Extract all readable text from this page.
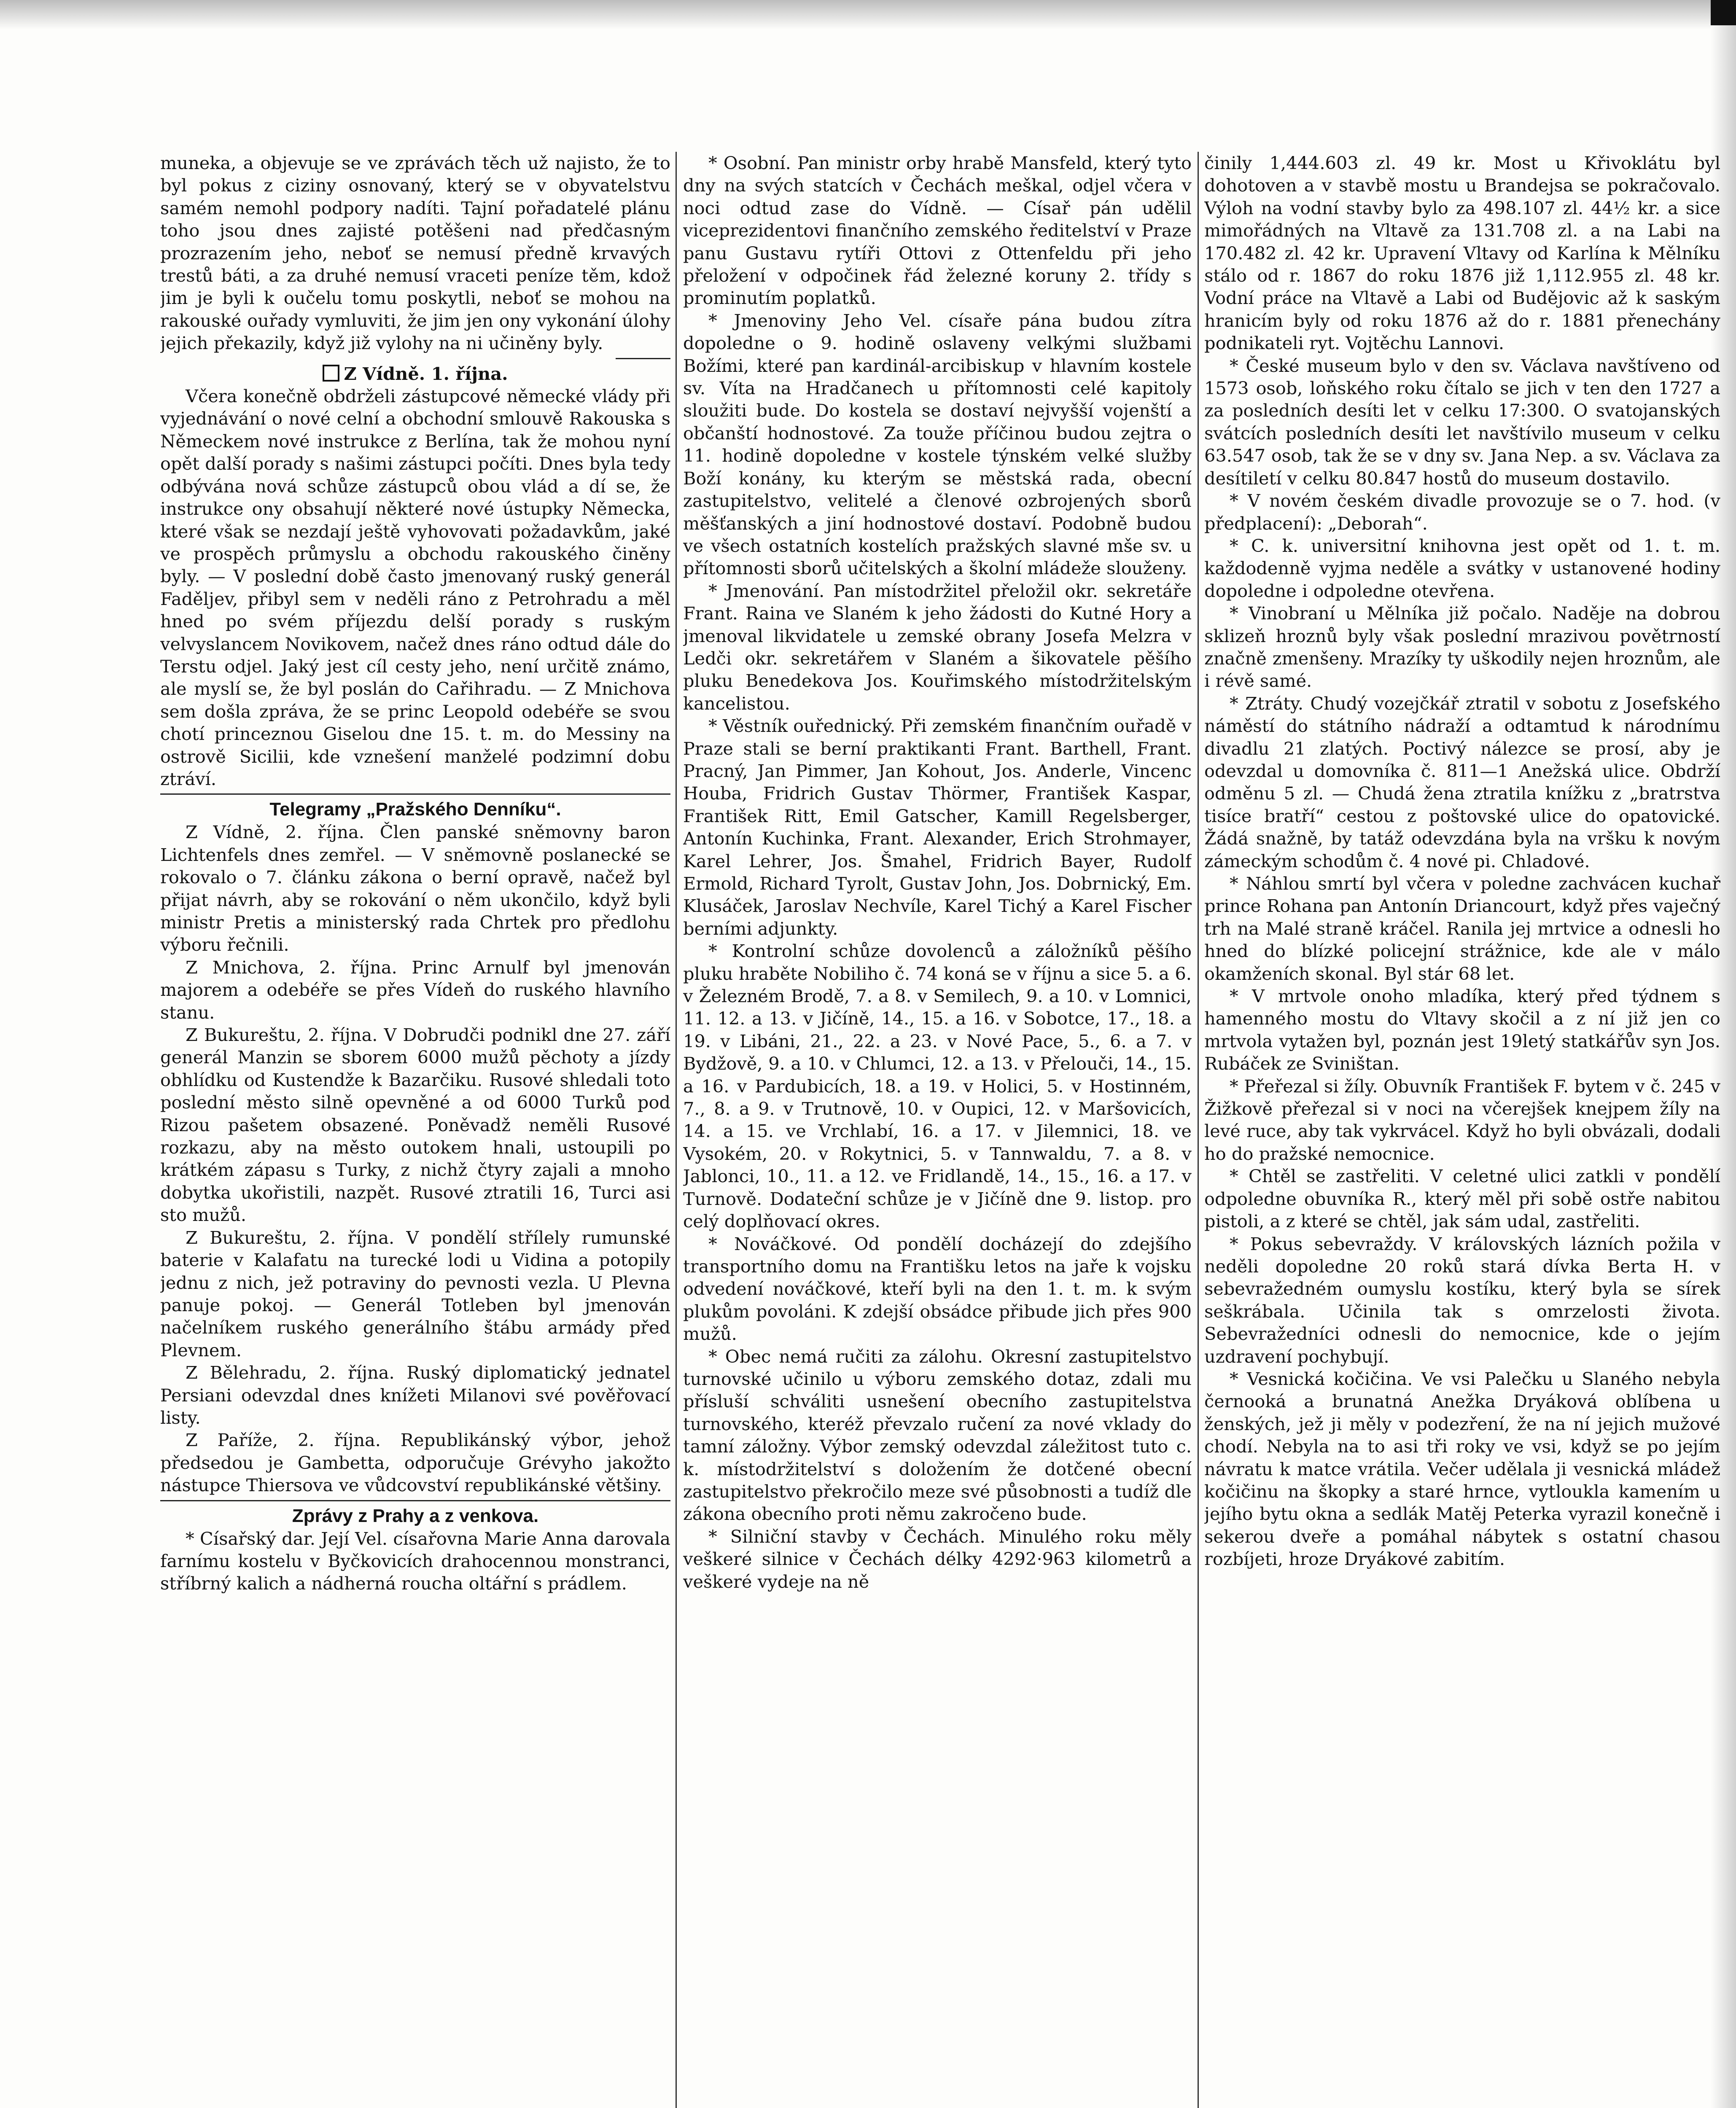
muneka, a objevuje se ve zprávách těch už najisto, že to byl pokus z ciziny osnovaný, který se v obyvatelstvu samém nemohl podpory nadíti. Tajní pořadatelé plánu toho jsou dnes zajisté potěšeni nad předčasným prozrazením jeho, neboť se nemusí předně krvavých trestů báti, a za druhé nemusí vraceti peníze těm, kdož jim je byli k oučelu tomu poskytli, neboť se mohou na rakouské ouřady vymluviti, že jim jen ony vykonání úlohy jejich překazily, když již vylohy na ni učiněny byly.

Z Vídně. 1. října.

Včera konečně obdrželi zástupcové německé vlády při vyjednávání o nové celní a obchodní smlouvě Rakouska s Německem nové instrukce z Berlína, tak že mohou nyní opět další porady s našimi zástupci počíti. Dnes byla tedy odbývána nová schůze zástupců obou vlád a dí se, že instrukce ony obsahují některé nové ústupky Německa, které však se nezdají ještě vyhovovati požadavkům, jaké ve prospěch průmyslu a obchodu rakouského činěny byly. — V poslední době často jmenovaný ruský generál Faděljev, přibyl sem v neděli ráno z Petrohradu a měl hned po svém příjezdu delší porady s ruským velvyslancem Novikovem, načež dnes ráno odtud dále do Terstu odjel. Jaký jest cíl cesty jeho, není určitě známo, ale myslí se, že byl poslán do Cařihradu. — Z Mnichova sem došla zpráva, že se princ Leopold odebéře se svou chotí princeznou Giselou dne 15. t. m. do Messiny na ostrově Sicilii, kde vznešení manželé podzimní dobu ztráví.

Telegramy „Pražského Denníku“.

Z Vídně, 2. října. Člen panské sněmovny baron Lichtenfels dnes zemřel. — V sněmovně poslanecké se rokovalo o 7. článku zákona o berní opravě, načež byl přijat návrh, aby se rokování o něm ukončilo, když byli ministr Pretis a ministerský rada Chrtek pro předlohu výboru řečnili.

Z Mnichova, 2. října. Princ Arnulf byl jmenován majorem a odebéře se přes Vídeň do ruského hlavního stanu.

Z Bukureštu, 2. října. V Dobrudči podnikl dne 27. září generál Manzin se sborem 6000 mužů pěchoty a jízdy obhlídku od Kustendže k Bazarčiku. Rusové shledali toto poslední město silně opevněné a od 6000 Turků pod Rizou pašetem obsazené. Poněvadž neměli Rusové rozkazu, aby na město outokem hnali, ustoupili po krátkém zápasu s Turky, z nichž čtyry zajali a mnoho dobytka ukořistili, nazpět. Rusové ztratili 16, Turci asi sto mužů.

Z Bukureštu, 2. října. V pondělí střílely rumunské baterie v Kalafatu na turecké lodi u Vidina a potopily jednu z nich, jež potraviny do pevnosti vezla. U Plevna panuje pokoj. — Generál Totleben byl jmenován načelníkem ruského generálního štábu armády před Plevnem.

Z Bělehradu, 2. října. Ruský diplomatický jednatel Persiani odevzdal dnes knížeti Milanovi své pověřovací listy.

Z Paříže, 2. října. Republikánský výbor, jehož předsedou je Gambetta, odporučuje Grévyho jakožto nástupce Thiersova ve vůdcovství republikánské většiny.

Zprávy z Prahy a z venkova.

* Císařský dar. Její Vel. císařovna Marie Anna darovala farnímu kostelu v Byčkovicích drahocennou monstranci, stříbrný kalich a nádherná roucha oltářní s prádlem.

* Osobní. Pan ministr orby hrabě Mansfeld, který tyto dny na svých statcích v Čechách meškal, odjel včera v noci odtud zase do Vídně. — Císař pán udělil viceprezidentovi finančního zemského ředitelství v Praze panu Gustavu rytíři Ottovi z Ottenfeldu při jeho přeložení v odpočinek řád železné koruny 2. třídy s prominutím poplatků.

* Jmenoviny Jeho Vel. císaře pána budou zítra dopoledne o 9. hodině oslaveny velkými službami Božími, které pan kardinál-arcibiskup v hlavním kostele sv. Víta na Hradčanech u přítomnosti celé kapitoly sloužiti bude. Do kostela se dostaví nejvyšší vojenští a občanští hodnostové. Za touže příčinou budou zejtra o 11. hodině dopoledne v kostele týnském velké služby Boží konány, ku kterým se městská rada, obecní zastupitelstvo, velitelé a členové ozbrojených sborů měšťanských a jiní hodnostové dostaví. Podobně budou ve všech ostatních kostelích pražských slavné mše sv. u přítomnosti sborů učitelských a školní mládeže slouženy.

* Jmenování. Pan místodržitel přeložil okr. sekretáře Frant. Raina ve Slaném k jeho žádosti do Kutné Hory a jmenoval likvidatele u zemské obrany Josefa Melzra v Ledči okr. sekretářem v Slaném a šikovatele pěšího pluku Benedekova Jos. Kouřimského místodržitelským kancelistou.

* Věstník ouřednický. Při zemském finančním ouřadě v Praze stali se berní praktikanti Frant. Barthell, Frant. Pracný, Jan Pimmer, Jan Kohout, Jos. Anderle, Vincenc Houba, Fridrich Gustav Thörmer, František Kaspar, František Ritt, Emil Gatscher, Kamill Regelsberger, Antonín Kuchinka, Frant. Alexander, Erich Strohmayer, Karel Lehrer, Jos. Šmahel, Fridrich Bayer, Rudolf Ermold, Richard Tyrolt, Gustav John, Jos. Dobrnický, Em. Klusáček, Jaroslav Nechvíle, Karel Tichý a Karel Fischer berními adjunkty.

* Kontrolní schůze dovolenců a záložníků pěšího pluku hraběte Nobiliho č. 74 koná se v říjnu a sice 5. a 6. v Železném Brodě, 7. a 8. v Semilech, 9. a 10. v Lomnici, 11. 12. a 13. v Jičíně, 14., 15. a 16. v Sobotce, 17., 18. a 19. v Libáni, 21., 22. a 23. v Nové Pace, 5., 6. a 7. v Bydžově, 9. a 10. v Chlumci, 12. a 13. v Přelouči, 14., 15. a 16. v Pardubicích, 18. a 19. v Holici, 5. v Hostinném, 7., 8. a 9. v Trutnově, 10. v Oupici, 12. v Maršovicích, 14. a 15. ve Vrchlabí, 16. a 17. v Jilemnici, 18. ve Vysokém, 20. v Rokytnici, 5. v Tannwaldu, 7. a 8. v Jablonci, 10., 11. a 12. ve Fridlandě, 14., 15., 16. a 17. v Turnově. Dodateční schůze je v Jičíně dne 9. listop. pro celý doplňovací okres.

* Nováčkové. Od pondělí docházejí do zdejšího transportního domu na Františku letos na jaře k vojsku odvedení nováčkové, kteří byli na den 1. t. m. k svým plukům povoláni. K zdejší obsádce přibude jich přes 900 mužů.

* Obec nemá ručiti za zálohu. Okresní zastupitelstvo turnovské učinilo u výboru zemského dotaz, zdali mu přísluší schváliti usnešení obecního zastupitelstva turnovského, kteréž převzalo ručení za nové vklady do tamní záložny. Výbor zemský odevzdal záležitost tuto c. k. místodržitelství s doložením že dotčené obecní zastupitelstvo překročilo meze své působnosti a tudíž dle zákona obecního proti němu zakročeno bude.

* Silniční stavby v Čechách. Minulého roku měly veškeré silnice v Čechách délky 4292·963 kilometrů a veškeré vydeje na ně

činily 1,444.603 zl. 49 kr. Most u Křivoklátu byl dohotoven a v stavbě mostu u Brandejsa se pokračovalo. Výloh na vodní stavby bylo za 498.107 zl. 44½ kr. a sice mimořádných na Vltavě za 131.708 zl. a na Labi na 170.482 zl. 42 kr. Upravení Vltavy od Karlína k Mělníku stálo od r. 1867 do roku 1876 již 1,112.955 zl. 48 kr. Vodní práce na Vltavě a Labi od Budějovic až k saským hranicím byly od roku 1876 až do r. 1881 přenechány podnikateli ryt. Vojtěchu Lannovi.

* České museum bylo v den sv. Václava navštíveno od 1573 osob, loňského roku čítalo se jich v ten den 1727 a za posledních desíti let v celku 17:300. O svatojanských svátcích posledních desíti let navštívilo museum v celku 63.547 osob, tak že se v dny sv. Jana Nep. a sv. Václava za desítiletí v celku 80.847 hostů do museum dostavilo.

* V novém českém divadle provozuje se o 7. hod. (v předplacení): „Deborah“.

* C. k. universitní knihovna jest opět od 1. t. m. každodenně vyjma neděle a svátky v ustanovené hodiny dopoledne i odpoledne otevřena.

* Vinobraní u Mělníka již počalo. Naděje na dobrou sklizeň hroznů byly však poslední mrazivou povětrností značně zmenšeny. Mrazíky ty uškodily nejen hroznům, ale i révě samé.

* Ztráty. Chudý vozejčkář ztratil v sobotu z Josefského náměstí do státního nádraží a odtamtud k národnímu divadlu 21 zlatých. Poctivý nálezce se prosí, aby je odevzdal u domovníka č. 811—1 Anežská ulice. Obdrží odměnu 5 zl. — Chudá žena ztratila knížku z „bratrstva tisíce bratří“ cestou z poštovské ulice do opatovické. Žádá snažně, by tatáž odevzdána byla na vršku k novým zámeckým schodům č. 4 nové pi. Chladové.

* Náhlou smrtí byl včera v poledne zachvácen kuchař prince Rohana pan Antonín Driancourt, když přes vaječný trh na Malé straně kráčel. Ranila jej mrtvice a odnesli ho hned do blízké policejní strážnice, kde ale v málo okamženích skonal. Byl stár 68 let.

* V mrtvole onoho mladíka, který před týdnem s hamenného mostu do Vltavy skočil a z ní již jen co mrtvola vytažen byl, poznán jest 19letý statkářův syn Jos. Rubáček ze Sviništan.

* Přeřezal si žíly. Obuvník František F. bytem v č. 245 v Žižkově přeřezal si v noci na včerejšek knejpem žíly na levé ruce, aby tak vykrvácel. Když ho byli obvázali, dodali ho do pražské nemocnice.

* Chtěl se zastřeliti. V celetné ulici zatkli v pondělí odpoledne obuvníka R., který měl při sobě ostře nabitou pistoli, a z které se chtěl, jak sám udal, zastřeliti.

* Pokus sebevraždy. V královských lázních požila v neděli dopoledne 20 roků stará dívka Berta H. v sebevražedném oumyslu kostíku, který byla se sírek seškrábala. Učinila tak s omrzelosti života. Sebevražedníci odnesli do nemocnice, kde o jejím uzdravení pochybují.

* Vesnická kočičina. Ve vsi Palečku u Slaného nebyla černooká a brunatná Anežka Dryáková oblíbena u ženských, jež ji měly v podezření, že na ní jejich mužové chodí. Nebyla na to asi tři roky ve vsi, když se po jejím návratu k matce vrátila. Večer udělala ji vesnická mládež kočičinu na škopky a staré hrnce, vytloukla kamením u jejího bytu okna a sedlák Matěj Peterka vyrazil konečně i sekerou dveře a pomáhal nábytek s ostatní chasou rozbíjeti, hroze Dryákové zabitím.
